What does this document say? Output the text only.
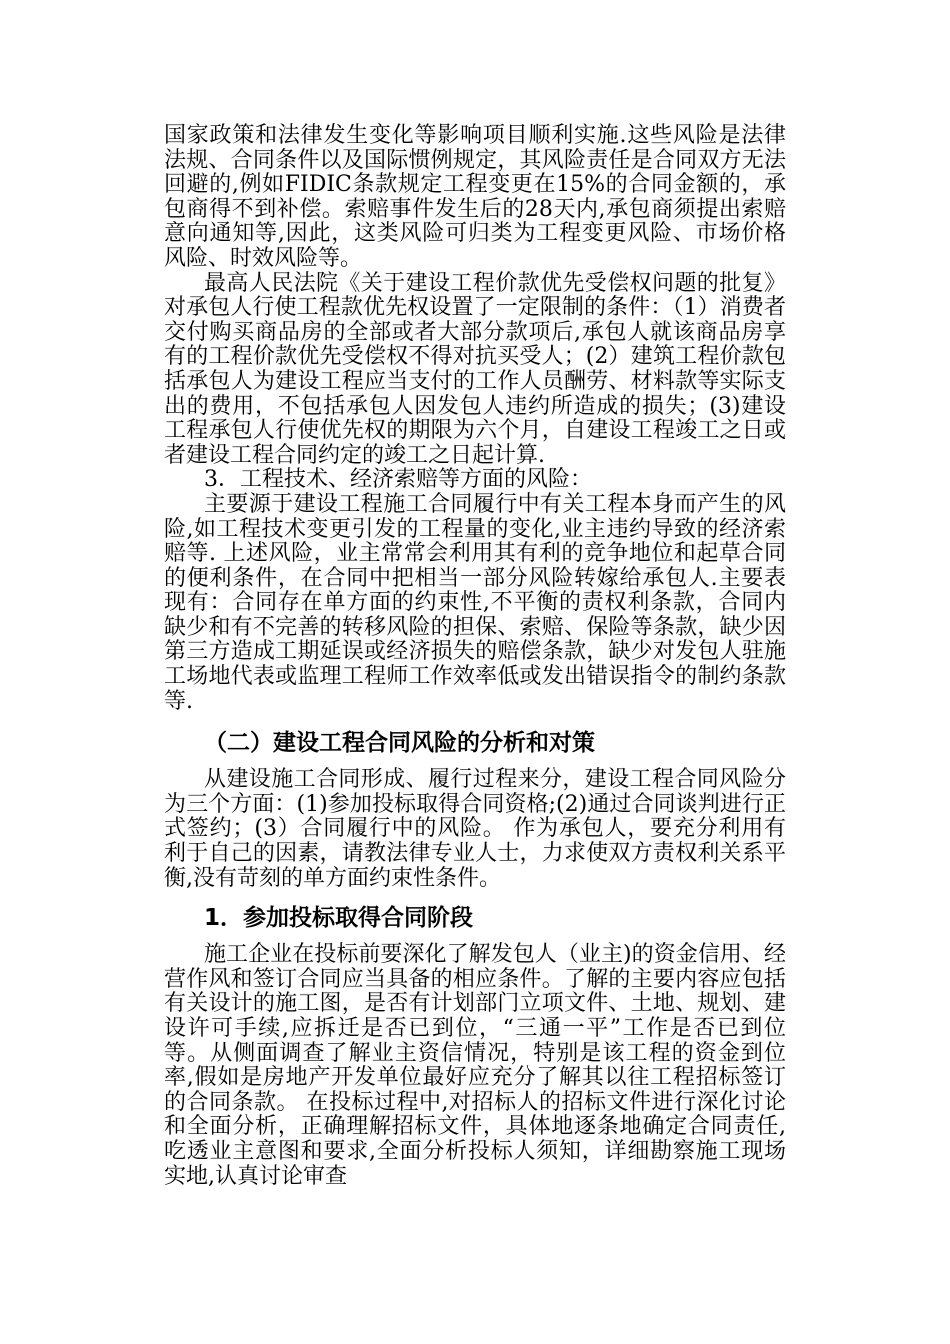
国家政策和法律发生变化等影响项目顺利实施.这些风险是法律法规、合同条件以及国际惯例规定，其风险责任是合同双方无法回避的,例如FIDIC条款规定工程变更在15%的合同金额的，承包商得不到补偿。索赔事件发生后的28天内,承包商须提出索赔意向通知等,因此，这类风险可归类为工程变更风险、市场价格风险、时效风险等。

最高人民法院《关于建设工程价款优先受偿权问题的批复》对承包人行使工程款优先权设置了一定限制的条件：（1）消费者交付购买商品房的全部或者大部分款项后,承包人就该商品房享有的工程价款优先受偿权不得对抗买受人；(2）建筑工程价款包括承包人为建设工程应当支付的工作人员酬劳、材料款等实际支出的费用，不包括承包人因发包人违约所造成的损失；(3)建设工程承包人行使优先权的期限为六个月，自建设工程竣工之日或者建设工程合同约定的竣工之日起计算.

3．工程技术、经济索赔等方面的风险：

主要源于建设工程施工合同履行中有关工程本身而产生的风险,如工程技术变更引发的工程量的变化,业主违约导致的经济索赔等. 上述风险，业主常常会利用其有利的竞争地位和起草合同的便利条件，在合同中把相当一部分风险转嫁给承包人.主要表现有：合同存在单方面的约束性,不平衡的责权利条款，合同内缺少和有不完善的转移风险的担保、索赔、保险等条款，缺少因第三方造成工期延误或经济损失的赔偿条款，缺少对发包人驻施工场地代表或监理工程师工作效率低或发出错误指令的制约条款等.

（二）建设工程合同风险的分析和对策

从建设施工合同形成、履行过程来分，建设工程合同风险分为三个方面：(1)参加投标取得合同资格;(2)通过合同谈判进行正式签约；(3）合同履行中的风险。 作为承包人，要充分利用有利于自己的因素，请教法律专业人士，力求使双方责权利关系平衡,没有苛刻的单方面约束性条件。

1．参加投标取得合同阶段

施工企业在投标前要深化了解发包人（业主)的资金信用、经营作风和签订合同应当具备的相应条件。了解的主要内容应包括有关设计的施工图，是否有计划部门立项文件、土地、规划、建设许可手续,应拆迁是否已到位，“三通一平”工作是否已到位等。从侧面调查了解业主资信情况，特别是该工程的资金到位率,假如是房地产开发单位最好应充分了解其以往工程招标签订的合同条款。 在投标过程中,对招标人的招标文件进行深化讨论和全面分析，正确理解招标文件，具体地逐条地确定合同责任,吃透业主意图和要求,全面分析投标人须知，详细勘察施工现场实地,认真讨论审查
